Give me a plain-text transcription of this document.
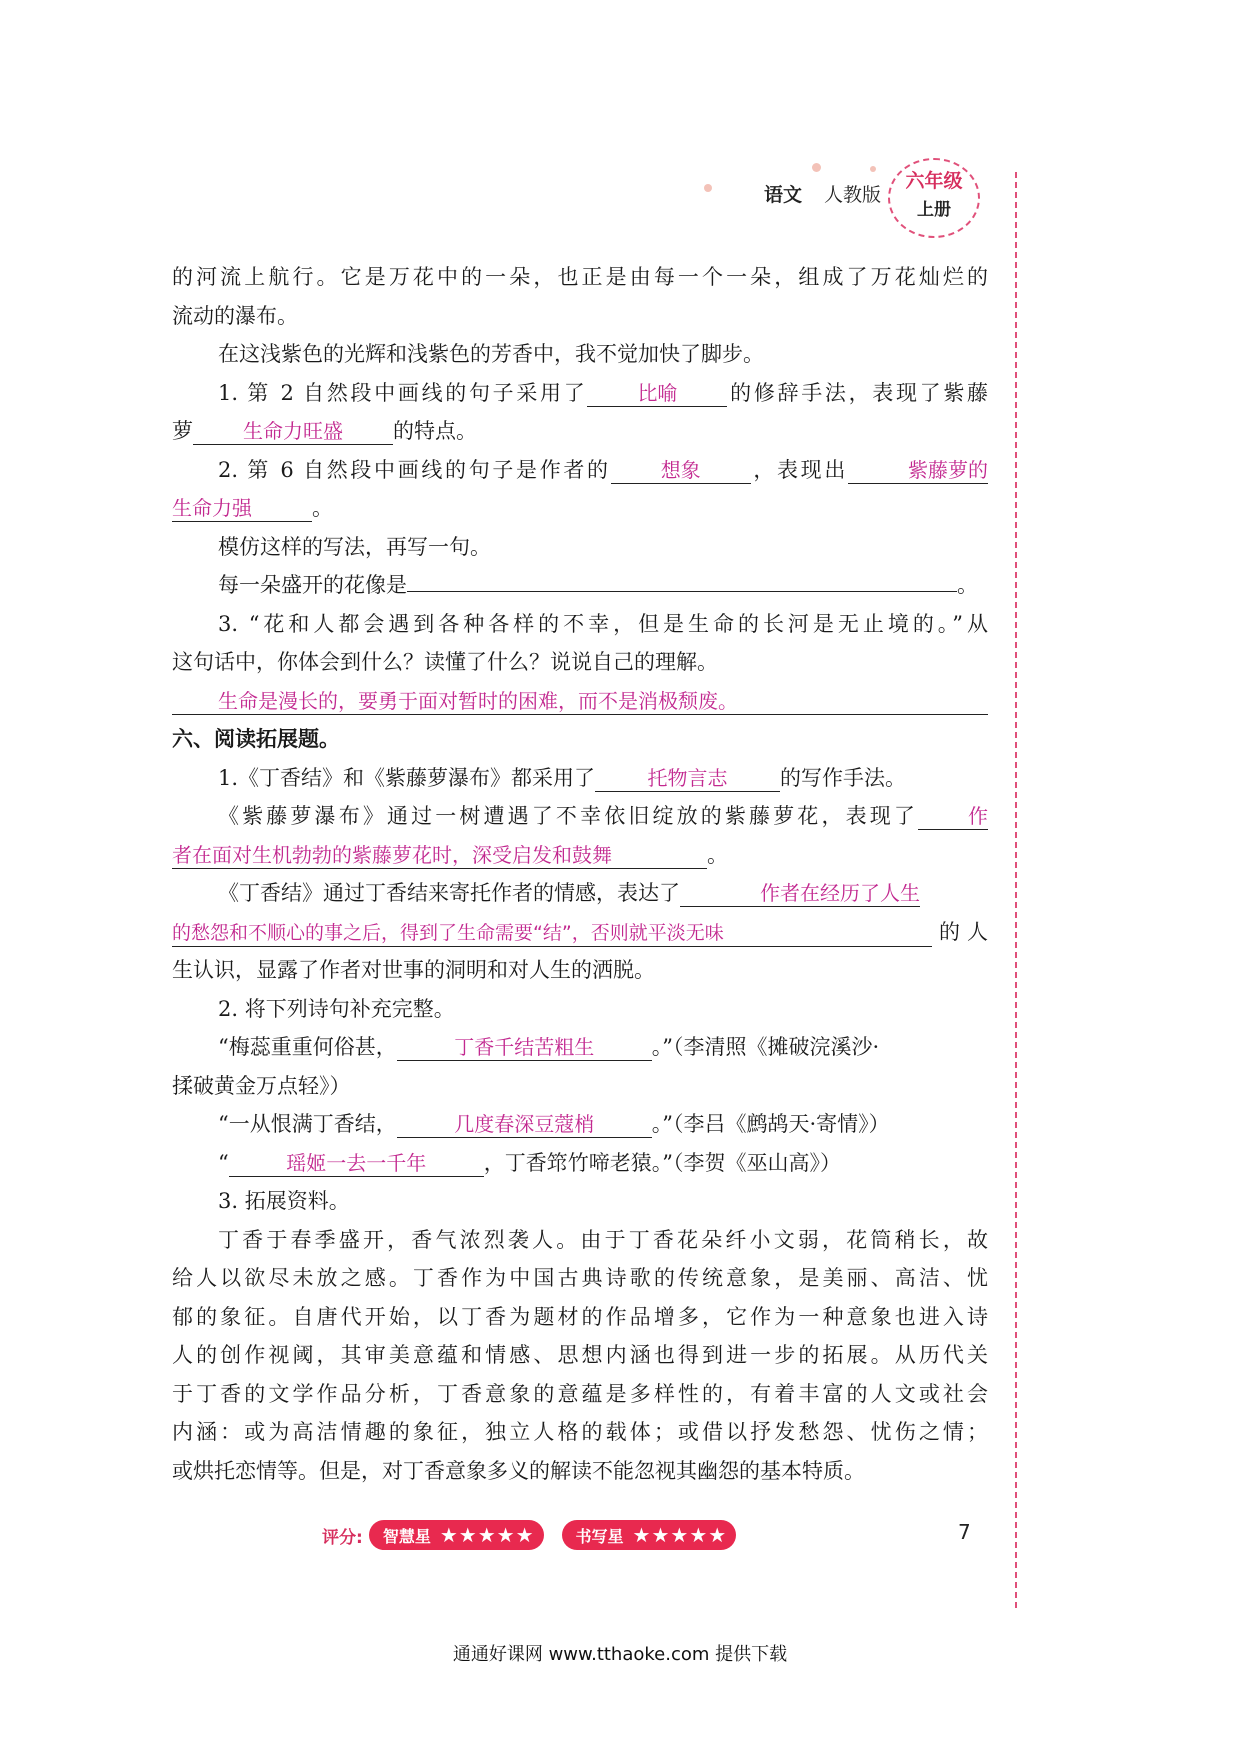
语文 人教版
六年级
上册
的河流上航行。它是万花中的一朵，也正是由每一个一朵，组成了万花灿烂的
流动的瀑布。
在这浅紫色的光辉和浅紫色的芳香中，我不觉加快了脚步。
1. 第 2 自然段中画线的句子采用了	比喻 的修辞手法，表现了紫藤
萝	生命力旺盛 的特点。
2. 第 6 自然段中画线的句子是作者的	想象 ，表现出	紫藤萝的
生命力强	。
模仿这样的写法，再写一句。
每一朵盛开的花像是	。
3. “花和人都会遇到各种各样的不幸，但是生命的长河是无止境的。”从
这句话中，你体会到什么？读懂了什么？说说自己的理解。
生命是漫长的，要勇于面对暂时的困难，而不是消极颓废。
六、阅读拓展题。
1.《丁香结》和《紫藤萝瀑布》都采用了	托物言志	的写作手法。
《紫藤萝瀑布》通过一树遭遇了不幸依旧绽放的紫藤萝花，表现了	作
者在面对生机勃勃的紫藤萝花时，深受启发和鼓舞	。
《丁香结》通过丁香结来寄托作者的情感，表达了	作者在经历了人生
的愁怨和不顺心的事之后，得到了生命需要“结”，否则就平淡无味	的人
生认识，显露了作者对世事的洞明和对人生的洒脱。
2. 将下列诗句补充完整。
“梅蕊重重何俗甚，	丁香千结苦粗生	。”（李清照《摊破浣溪沙·
揉破黄金万点轻》）
“一从恨满丁香结，	几度春深豆蔻梢	。”（李吕《鹧鸪天·寄情》）
“	瑶姬一去一千年	，丁香筇竹啼老猿。”（李贺《巫山高》）
3. 拓展资料。
丁香于春季盛开，香气浓烈袭人。由于丁香花朵纤小文弱，花筒稍长，故
给人以欲尽未放之感。丁香作为中国古典诗歌的传统意象，是美丽、高洁、忧
郁的象征。自唐代开始，以丁香为题材的作品增多，它作为一种意象也进入诗
人的创作视阈，其审美意蕴和情感、思想内涵也得到进一步的拓展。从历代关
于丁香的文学作品分析，丁香意象的意蕴是多样性的，有着丰富的人文或社会
内涵：或为高洁情趣的象征，独立人格的载体；或借以抒发愁怨、忧伤之情；
或烘托恋情等。但是，对丁香意象多义的解读不能忽视其幽怨的基本特质。
评分: 智慧星 ★ ★ ★ ★ ★	书写星 ★ ★ ★ ★ ★	7
通通好课网 www.tthaoke.com 提供下载
